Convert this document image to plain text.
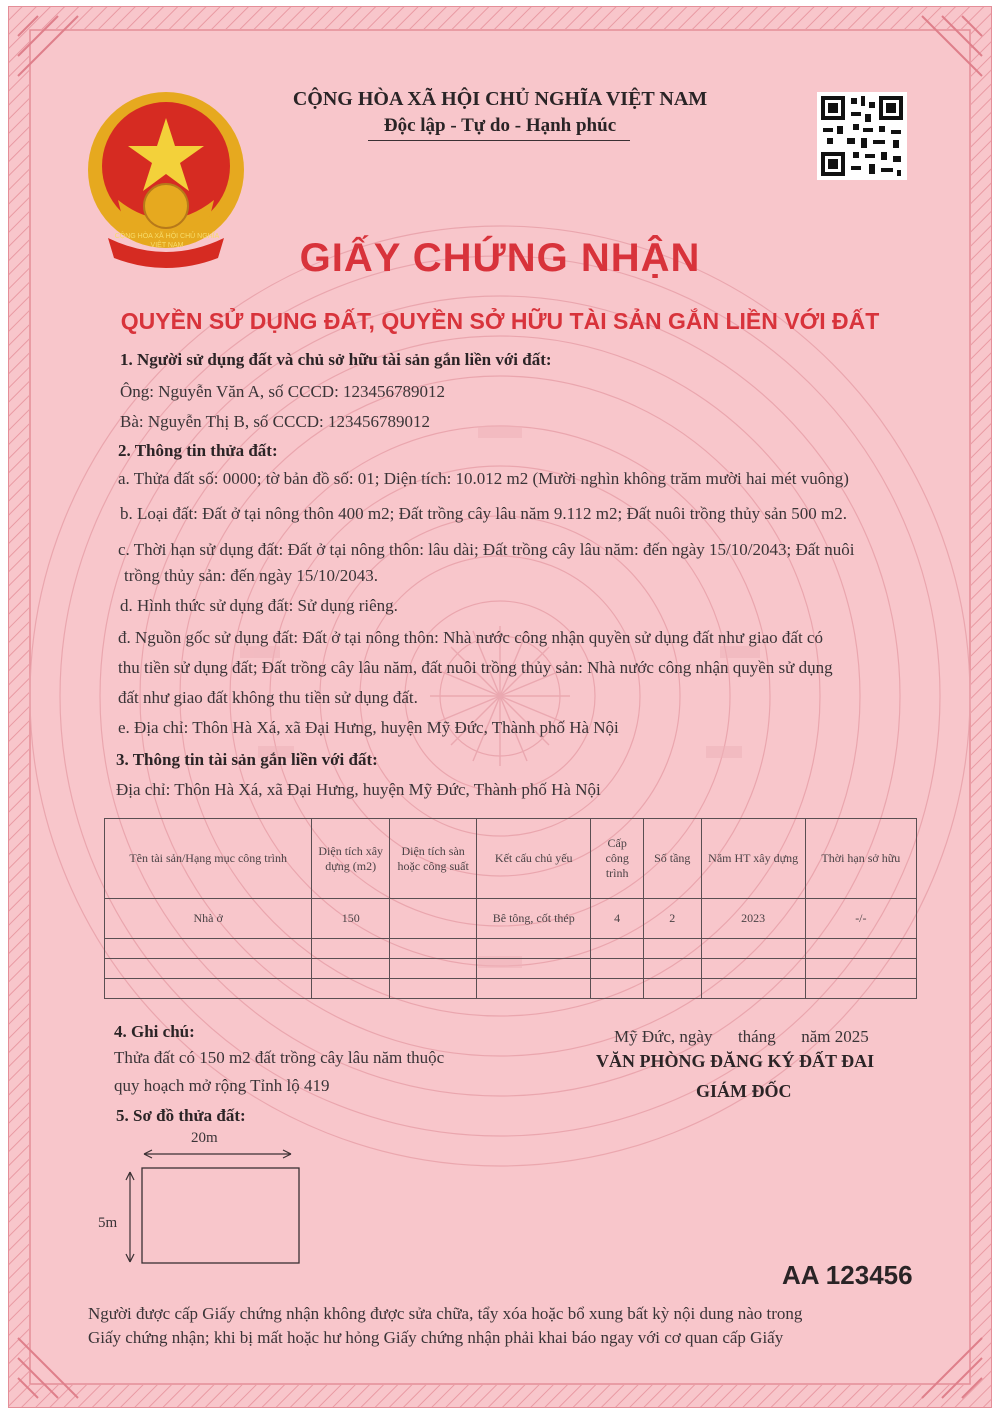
CỘNG HÒA XÃ HỘI CHỦ NGHĨA VIỆT NAM
CỘNG HÒA XÃ HỘI CHỦ NGHĨA VIỆT NAM
Độc lập - Tự do - Hạnh phúc
GIẤY CHỨNG NHẬN
QUYỀN SỬ DỤNG ĐẤT, QUYỀN SỞ HỮU TÀI SẢN GẮN LIỀN VỚI ĐẤT
1. Người sử dụng đất và chủ sở hữu tài sản gắn liền với đất:
Ông: Nguyễn Văn A, số CCCD: 123456789012
Bà: Nguyễn Thị B, số CCCD: 123456789012
2. Thông tin thửa đất:
a. Thửa đất số: 0000; tờ bản đồ số: 01; Diện tích: 10.012 m2 (Mười nghìn không trăm mười hai mét vuông)
b. Loại đất: Đất ở tại nông thôn 400 m2; Đất trồng cây lâu năm 9.112 m2; Đất nuôi trồng thủy sản 500 m2.
c. Thời hạn sử dụng đất: Đất ở tại nông thôn: lâu dài; Đất trồng cây lâu năm: đến ngày 15/10/2043; Đất nuôi
trồng thủy sản: đến ngày 15/10/2043.
d. Hình thức sử dụng đất: Sử dụng riêng.
đ. Nguồn gốc sử dụng đất: Đất ở tại nông thôn: Nhà nước công nhận quyền sử dụng đất như giao đất có
thu tiền sử dụng đất; Đất trồng cây lâu năm, đất nuôi trồng thủy sản: Nhà nước công nhận quyền sử dụng
đất như giao đất không thu tiền sử dụng đất.
e. Địa chỉ: Thôn Hà Xá, xã Đại Hưng, huyện Mỹ Đức, Thành phố Hà Nội
3. Thông tin tài sản gắn liền với đất:
Địa chỉ: Thôn Hà Xá, xã Đại Hưng, huyện Mỹ Đức, Thành phố Hà Nội
Tên tài sản/Hạng mục công trình	Diện tích xây dựng (m2)	Diện tích sàn hoặc công suất	Kết cấu chủ yếu	Cấp công trình	Số tầng	Năm HT xây dựng	Thời hạn sở hữu
Nhà ở	150		Bê tông, cốt thép	4	2	2023	-/-

4. Ghi chú:
Thửa đất có 150 m2 đất trồng cây lâu năm thuộc
quy hoạch mở rộng Tỉnh lộ 419
Mỹ Đức, ngày      tháng      năm 2025
VĂN PHÒNG ĐĂNG KÝ ĐẤT ĐAI
GIÁM ĐỐC
5. Sơ đồ thửa đất:
20m
5m
AA 123456
Người được cấp Giấy chứng nhận không được sửa chữa, tẩy xóa hoặc bổ xung bất kỳ nội dung nào trong
Giấy chứng nhận; khi bị mất hoặc hư hỏng Giấy chứng nhận phải khai báo ngay với cơ quan cấp Giấy
